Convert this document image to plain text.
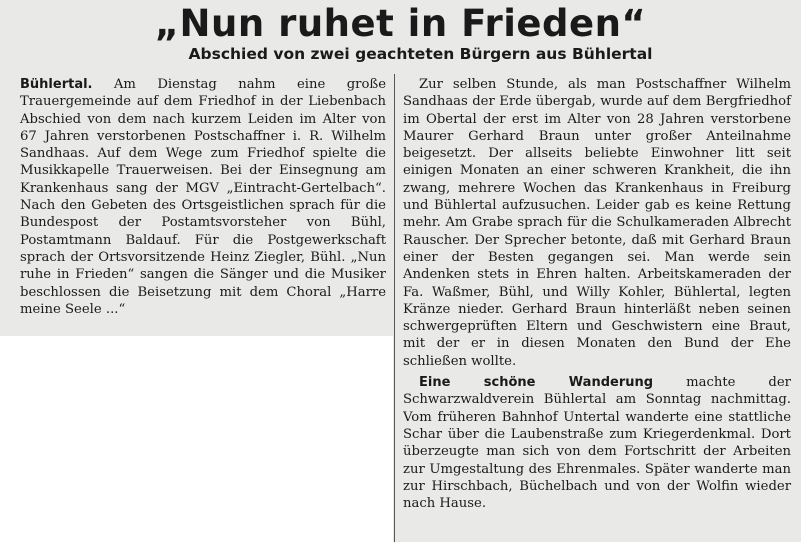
„Nun ruhet in Frieden“
Abschied von zwei geachteten Bürgern aus Bühlertal

Bühlertal. Am Dienstag nahm eine große Trauergemeinde auf dem Friedhof in der Liebenbach Abschied von dem nach kurzem Leiden im Alter von 67 Jahren verstorbenen Postschaffner i. R. Wilhelm Sandhaas. Auf dem Wege zum Friedhof spielte die Musikkapelle Trauerweisen. Bei der Einsegnung am Krankenhaus sang der MGV „Eintracht-Gertelbach“. Nach den Gebeten des Ortsgeistlichen sprach für die Bundespost der Postamtsvorsteher von Bühl, Postamtmann Baldauf. Für die Postgewerkschaft sprach der Ortsvorsitzende Heinz Ziegler, Bühl. „Nun ruhe in Frieden“ sangen die Sänger und die Musiker beschlossen die Beisetzung mit dem Choral „Harre meine Seele ...“

Zur selben Stunde, als man Postschaffner Wilhelm Sandhaas der Erde übergab, wurde auf dem Bergfriedhof im Obertal der erst im Alter von 28 Jahren verstorbene Maurer Gerhard Braun unter großer Anteilnahme beigesetzt. Der allseits beliebte Einwohner litt seit einigen Monaten an einer schweren Krankheit, die ihn zwang, mehrere Wochen das Krankenhaus in Freiburg und Bühlertal aufzusuchen. Leider gab es keine Rettung mehr. Am Grabe sprach für die Schulkameraden Albrecht Rauscher. Der Sprecher betonte, daß mit Gerhard Braun einer der Besten gegangen sei. Man werde sein Andenken stets in Ehren halten. Arbeitskameraden der Fa. Waßmer, Bühl, und Willy Kohler, Bühlertal, legten Kränze nieder. Gerhard Braun hinterläßt neben seinen schwergeprüften Eltern und Geschwistern eine Braut, mit der er in diesen Monaten den Bund der Ehe schließen wollte.

Eine schöne Wanderung machte der Schwarzwaldverein Bühlertal am Sonntag nachmittag. Vom früheren Bahnhof Untertal wanderte eine stattliche Schar über die Laubenstraße zum Kriegerdenkmal. Dort überzeugte man sich von dem Fortschritt der Arbeiten zur Umgestaltung des Ehrenmales. Später wanderte man zur Hirschbach, Büchelbach und von der Wolfin wieder nach Hause.
